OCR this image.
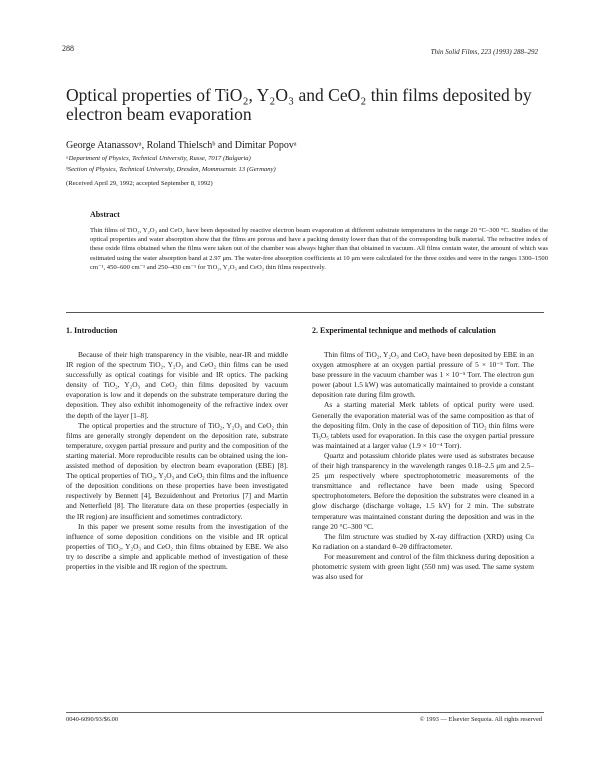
288	Thin Solid Films, 223 (1993) 288–292
Optical properties of TiO₂, Y₂O₃ and CeO₂ thin films deposited by electron beam evaporation
George Atanassovᵃ, Roland Thielschᵇ and Dimitar Popovᵃ
ᵃDepartment of Physics, Technical University, Russe, 7017 (Bulgaria)
ᵇSection of Physics, Technical University, Dresden, Mommsenstr. 13 (Germany)
(Received April 29, 1992; accepted September 8, 1992)
Abstract
Thin films of TiO₂, Y₂O₃ and CeO₂ have been deposited by reactive electron beam evaporation at different substrate temperatures in the range 20 °C–300 °C. Studies of the optical properties and water absorption show that the films are porous and have a packing density lower than that of the corresponding bulk material. The refractive index of these oxide films obtained when the films were taken out of the chamber was always higher than that obtained in vacuum. All films contain water, the amount of which was estimated using the water absorption band at 2.97 μm. The water-free absorption coefficients at 10 μm were calculated for the three oxides and were in the ranges 1300–1500 cm⁻¹, 450–600 cm⁻¹ and 250–430 cm⁻¹ for TiO₂, Y₂O₃ and CeO₂ thin films respectively.
1. Introduction

Because of their high transparency in the visible, near-IR and middle IR region of the spectrum TiO₂, Y₂O₃ and CeO₂ thin films can be used successfully as optical coatings for visible and IR optics. The packing density of TiO₂, Y₂O₃ and CeO₂ thin films deposited by vacuum evaporation is low and it depends on the substrate temperature during the deposition. They also exhibit inhomogeneity of the refractive index over the depth of the layer [1–8].

The optical properties and the structure of TiO₂, Y₂O₃ and CeO₂ thin films are generally strongly dependent on the deposition rate, substrate temperature, oxygen partial pressure and purity and the composition of the starting material. More reproducible results can be obtained using the ion-assisted method of deposition by electron beam evaporation (EBE) [8]. The optical properties of TiO₂, Y₂O₃ and CeO₂ thin films and the influence of the deposition conditions on these properties have been investigated respectively by Bennett [4], Bezuidenhout and Pretorius [7] and Martin and Netterfield [8]. The literature data on these properties (especially in the IR region) are insufficient and sometimes contradictory.

In this paper we present some results from the investigation of the influence of some deposition conditions on the visible and IR optical properties of TiO₂, Y₂O₃ and CeO₂ thin films obtained by EBE. We also try to describe a simple and applicable method of investigation of these properties in the visible and IR region of the spectrum.

2. Experimental technique and methods of calculation

Thin films of TiO₂, Y₂O₃ and CeO₂ have been deposited by EBE in an oxygen atmosphere at an oxygen partial pressure of 5 × 10⁻⁵ Torr. The base pressure in the vacuum chamber was 1 × 10⁻⁵ Torr. The electron gun power (about 1.5 kW) was automatically maintained to provide a constant deposition rate during film growth.

As a starting material Merk tablets of optical purity were used. Generally the evaporation material was of the same composition as that of the depositing film. Only in the case of deposition of TiO₂ thin films were Ti₃O₅ tablets used for evaporation. In this case the oxygen partial pressure was maintained at a larger value (1.9 × 10⁻⁴ Torr).

Quartz and potassium chloride plates were used as substrates because of their high transparency in the wavelength ranges 0.18–2.5 μm and 2.5–25 μm respectively where spectrophotometric measurements of the transmittance and reflectance have been made using Specord spectrophotometers. Before the deposition the substrates were cleaned in a glow discharge (discharge voltage, 1.5 kV) for 2 min. The substrate temperature was maintained constant during the deposition and was in the range 20 °C–300 °C.

The film structure was studied by X-ray diffraction (XRD) using Cu Kα radiation on a standard θ–2θ diffractometer.

For measurement and control of the film thickness during deposition a photometric system with green light (550 nm) was used. The same system was also used for

0040-6090/93/$6.00	© 1993 — Elsevier Sequoia. All rights reserved
